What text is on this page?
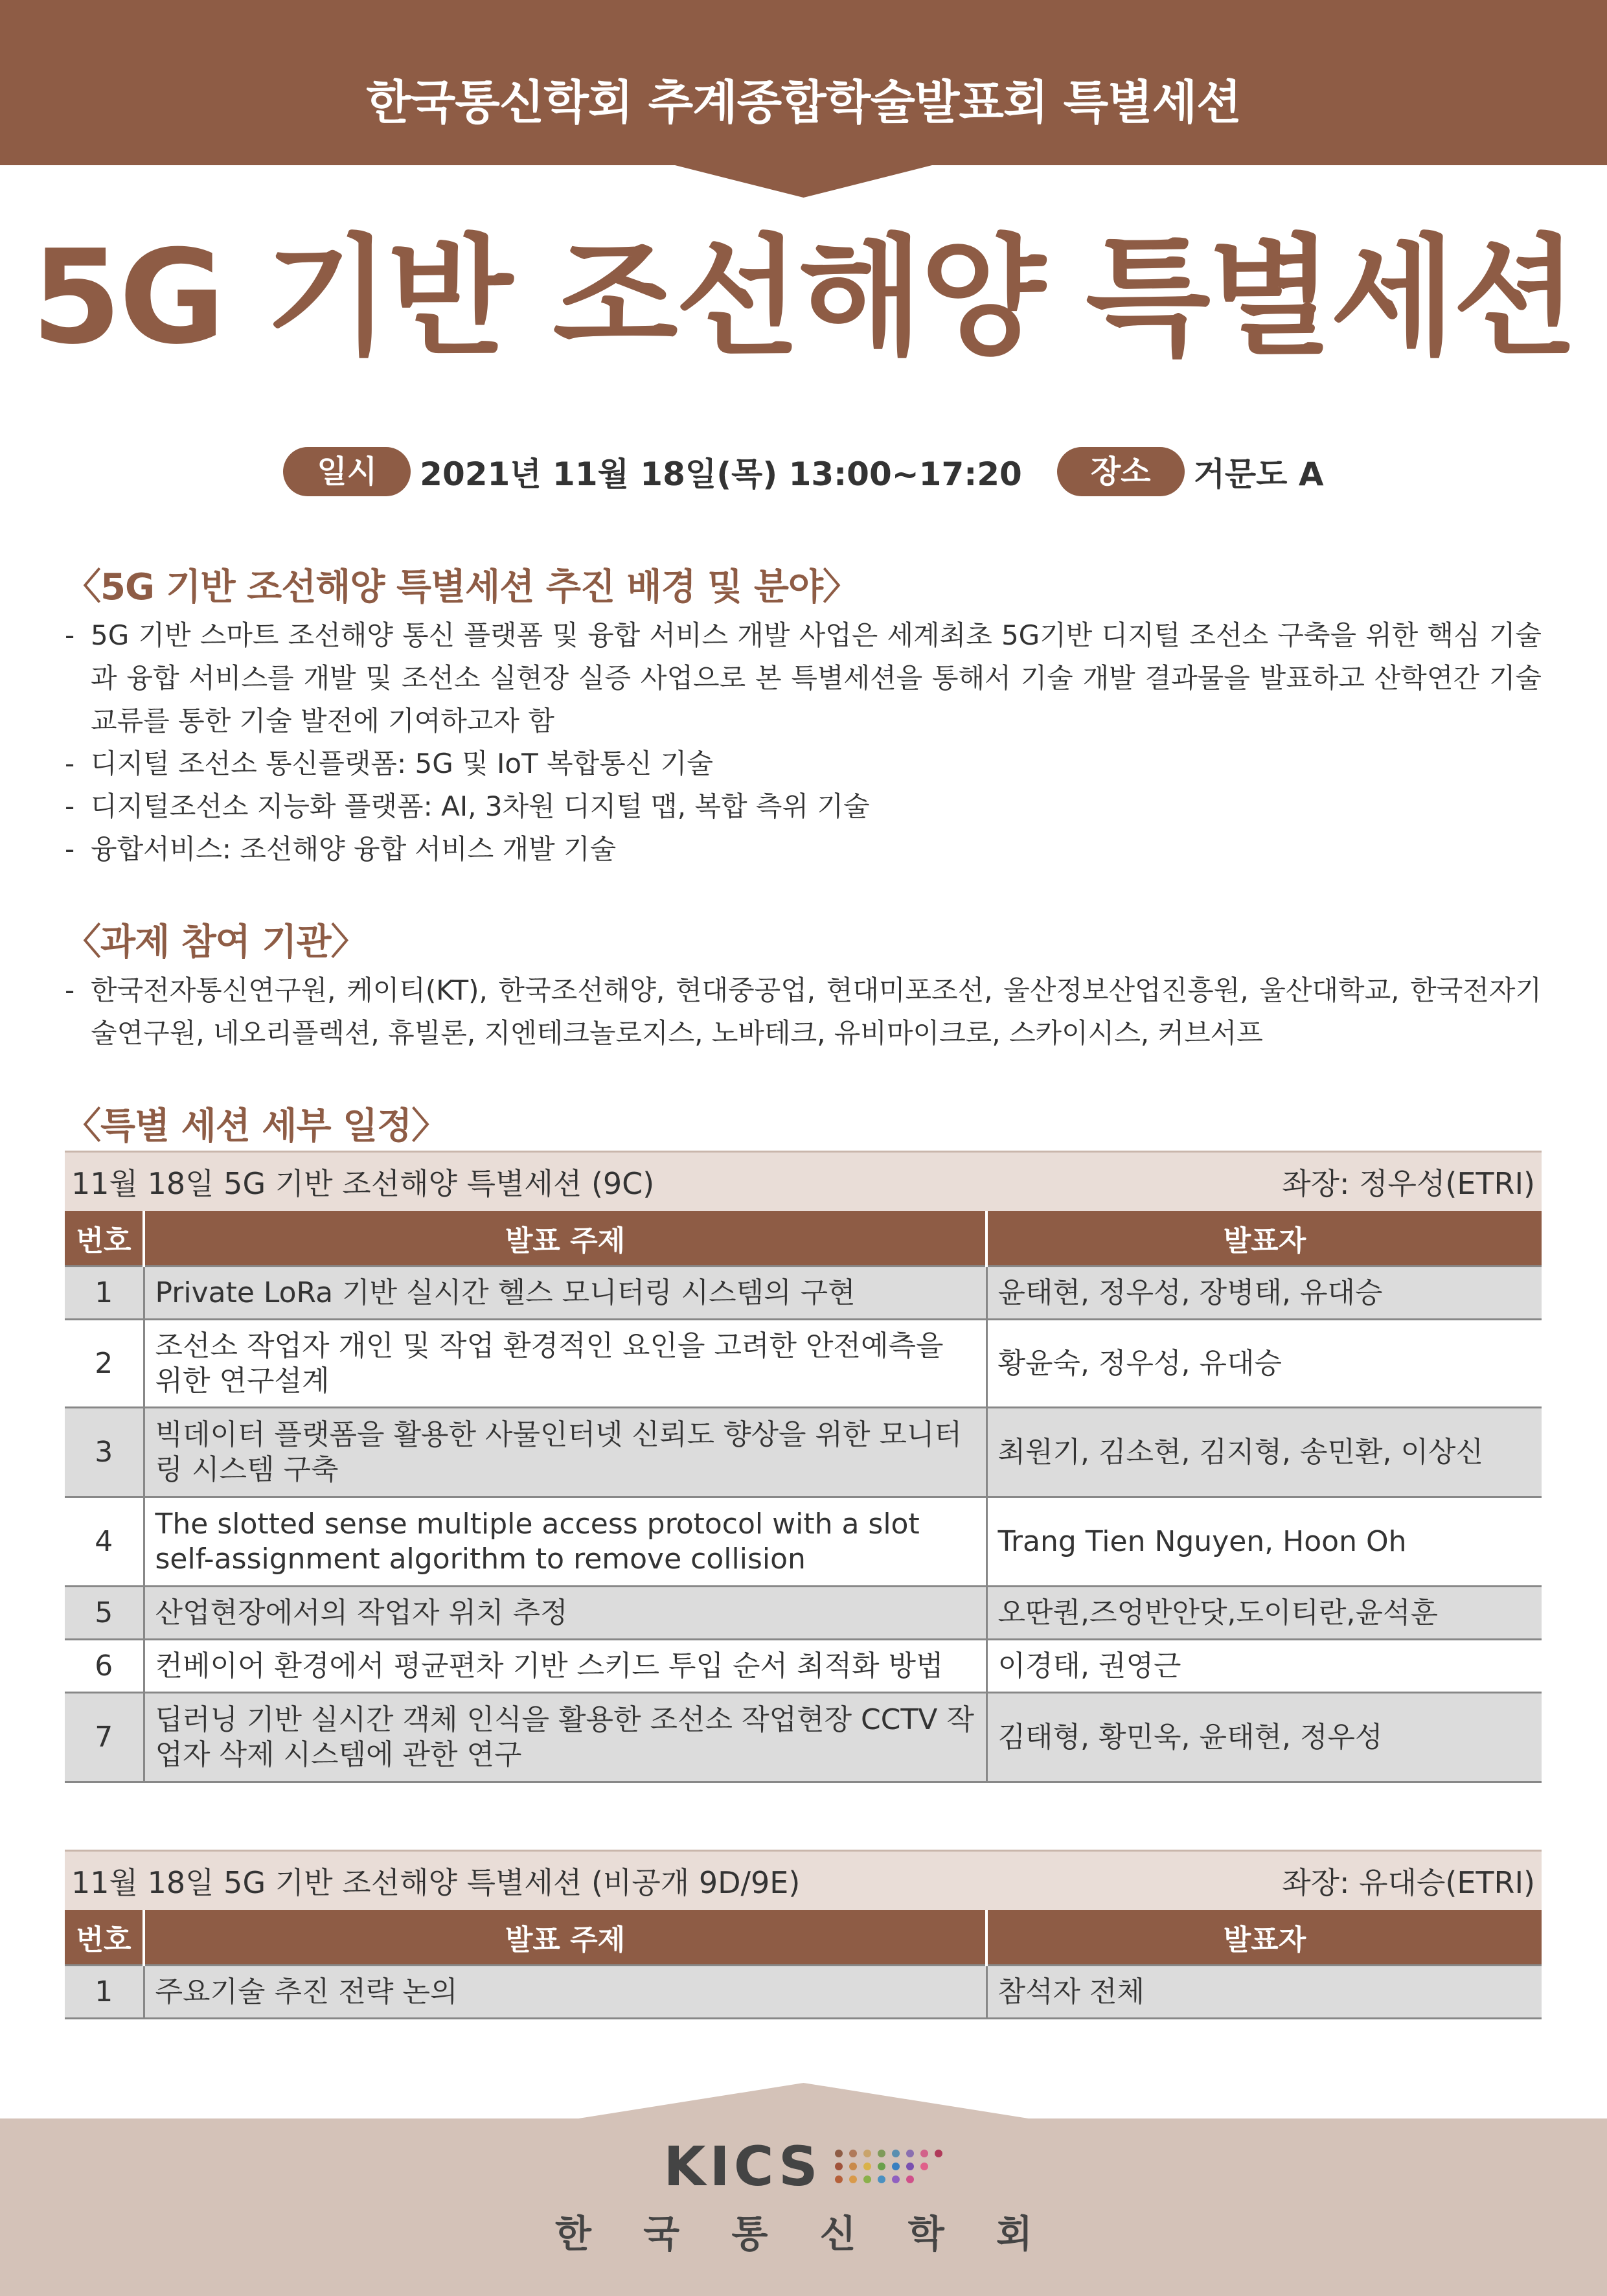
한국통신학회 추계종합학술발표회 특별세션
5G 기반 조선해양 특별세션
일시	2021년 11월 18일(목) 13:00~17:20	장소	거문도 A
〈5G 기반 조선해양 특별세션 추진 배경 및 분야〉
- 5G 기반 스마트 조선해양 통신 플랫폼 및 융합 서비스 개발 사업은 세계최초 5G기반 디지털 조선소 구축을 위한 핵심 기술과 융합 서비스를 개발 및 조선소 실현장 실증 사업으로 본 특별세션을 통해서 기술 개발 결과물을 발표하고 산학연간 기술 교류를 통한 기술 발전에 기여하고자 함
- 디지털 조선소 통신플랫폼: 5G 및 IoT 복합통신 기술
- 디지털조선소 지능화 플랫폼: AI, 3차원 디지털 맵, 복합 측위 기술
- 융합서비스: 조선해양 융합 서비스 개발 기술
〈과제 참여 기관〉
- 한국전자통신연구원, 케이티(KT), 한국조선해양, 현대중공업, 현대미포조선, 울산정보산업진흥원, 울산대학교, 한국전자기술연구원, 네오리플렉션, 휴빌론, 지엔테크놀로지스, 노바테크, 유비마이크로, 스카이시스, 커브서프
〈특별 세션 세부 일정〉
11월 18일 5G 기반 조선해양 특별세션 (9C)	좌장: 정우성(ETRI)
번호	발표 주제	발표자
1	Private LoRa 기반 실시간 헬스 모니터링 시스템의 구현	윤태현, 정우성, 장병태, 유대승
2	조선소 작업자 개인 및 작업 환경적인 요인을 고려한 안전예측을 위한 연구설계	황윤숙, 정우성, 유대승
3	빅데이터 플랫폼을 활용한 사물인터넷 신뢰도 향상을 위한 모니터링 시스템 구축	최원기, 김소현, 김지형, 송민환, 이상신
4	The slotted sense multiple access protocol with a slot self-assignment algorithm to remove collision	Trang Tien Nguyen, Hoon Oh
5	산업현장에서의 작업자 위치 추정	오딴퀀,즈엉반안닷,도이티란,윤석훈
6	컨베이어 환경에서 평균편차 기반 스키드 투입 순서 최적화 방법	이경태, 권영근
7	딥러닝 기반 실시간 객체 인식을 활용한 조선소 작업현장 CCTV 작업자 삭제 시스템에 관한 연구	김태형, 황민욱, 윤태현, 정우성
11월 18일 5G 기반 조선해양 특별세션 (비공개 9D/9E)	좌장: 유대승(ETRI)
번호	발표 주제	발표자
1	주요기술 추진 전략 논의	참석자 전체
KICS
한 국 통 신 학 회
